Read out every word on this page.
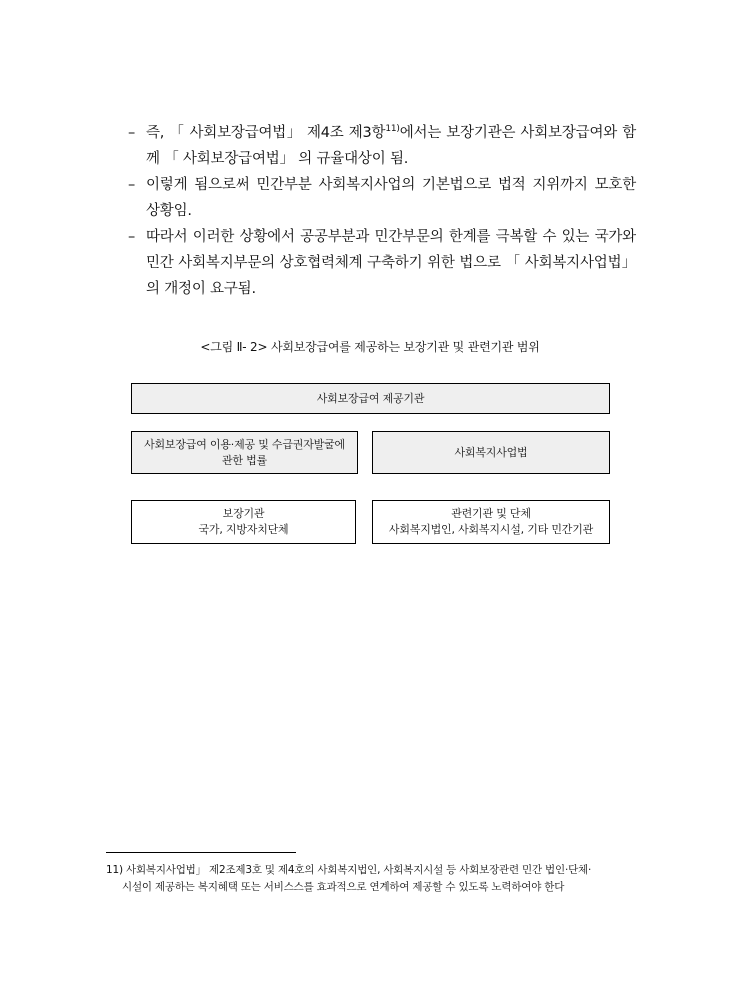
– 즉, 「 사회보장급여법」 제4조 제3항$^{11)}$에서는 보장기관은 사회보장급여와 함께 「 사회보장급여법」 의 규율대상이 됨.
– 이렇게 됨으로써 민간부분 사회복지사업의 기본법으로 법적 지위까지 모호한 상황임.
– 따라서 이러한 상황에서 공공부분과 민간부문의 한계를 극복할 수 있는 국가와 민간 사회복지부문의 상호협력체계 구축하기 위한 법으로 「 사회복지사업법」 의 개정이 요구됨.
<그림 Ⅱ- 2> 사회보장급여를 제공하는 보장기관 및 관련기관 범위
사회보장급여 제공기관
사회보장급여 이용·제공 및 수급권자발굴에
관한 법률
사회복지사업법
보장기관
국가, 지방자치단체
관련기관 및 단체
사회복지법인, 사회복지시설, 기타 민간기관
11) 사회복지사업법」 제2조제3호 및 제4호의 사회복지법인, 사회복지시설 등 사회보장관련 민간 법인·단체·
시설이 제공하는 복지혜택 또는 서비스스를 효과적으로 연계하여 제공할 수 있도록 노력하여야 한다
